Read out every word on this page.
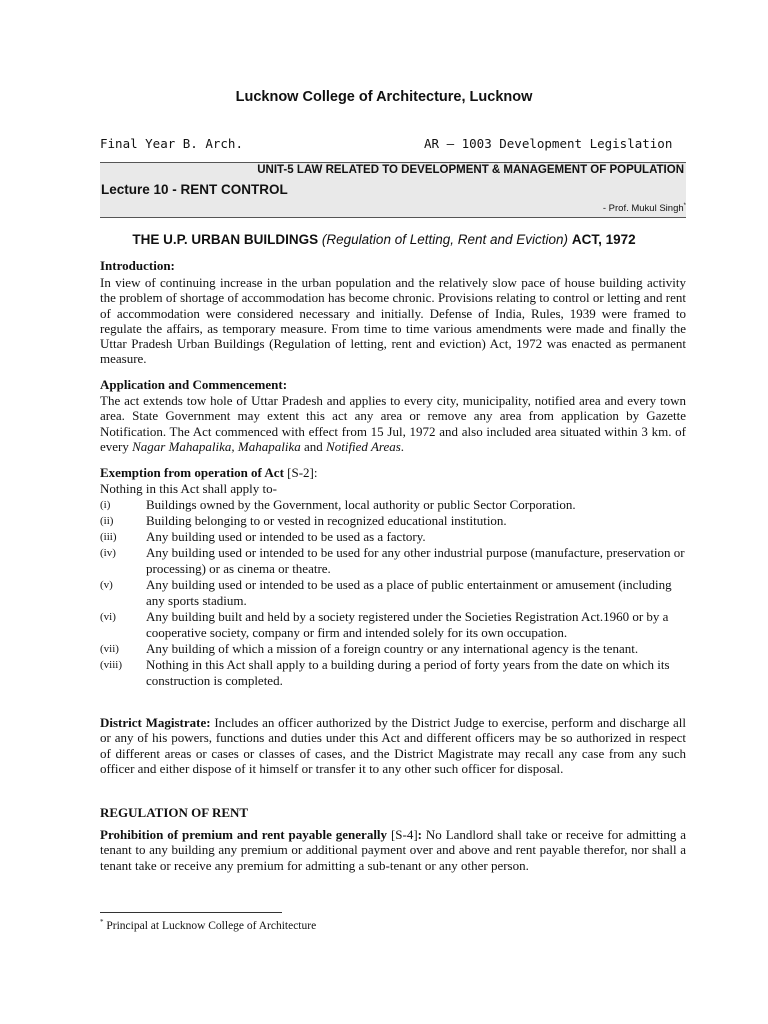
Lucknow College of Architecture, Lucknow
Final Year B. Arch.	AR — 1003 Development Legislation
UNIT-5 LAW RELATED TO DEVELOPMENT & MANAGEMENT OF POPULATION
Lecture 10 - RENT CONTROL
- Prof. Mukul Singh*
THE U.P. URBAN BUILDINGS (Regulation of Letting, Rent and Eviction) ACT, 1972
Introduction:
In view of continuing increase in the urban population and the relatively slow pace of house building activity the problem of shortage of accommodation has become chronic. Provisions relating to control or letting and rent of accommodation were considered necessary and initially. Defense of India, Rules, 1939 were framed to regulate the affairs, as temporary measure. From time to time various amendments were made and finally the Uttar Pradesh Urban Buildings (Regulation of letting, rent and eviction) Act, 1972 was enacted as permanent measure.
Application and Commencement:
The act extends tow hole of Uttar Pradesh and applies to every city, municipality, notified area and every town area. State Government may extent this act any area or remove any area from application by Gazette Notification. The Act commenced with effect from 15 Jul, 1972 and also included area situated within 3 km. of every Nagar Mahapalika, Mahapalika and Notified Areas.
Exemption from operation of Act [S-2]:
Nothing in this Act shall apply to-
(i)	Buildings owned by the Government, local authority or public Sector Corporation.
(ii)	Building belonging to or vested in recognized educational institution.
(iii) Any building used or intended to be used as a factory.
(iv) Any building used or intended to be used for any other industrial purpose (manufacture, preservation or processing) or as cinema or theatre.
(v)	Any building used or intended to be used as a place of public entertainment or amusement (including any sports stadium.
(vi) Any building built and held by a society registered under the Societies Registration Act.1960 or by a cooperative society, company or firm and intended solely for its own occupation.
(vii) Any building of which a mission of a foreign country or any international agency is the tenant.
(viii) Nothing in this Act shall apply to a building during a period of forty years from the date on which its construction is completed.
District Magistrate: Includes an officer authorized by the District Judge to exercise, perform and discharge all or any of his powers, functions and duties under this Act and different officers may be so authorized in respect of different areas or cases or classes of cases, and the District Magistrate may recall any case from any such officer and either dispose of it himself or transfer it to any other such officer for disposal.
REGULATION OF RENT
Prohibition of premium and rent payable generally [S-4]: No Landlord shall take or receive for admitting a tenant to any building any premium or additional payment over and above and rent payable therefor, nor shall a tenant take or receive any premium for admitting a sub-tenant or any other person.
* Principal at Lucknow College of Architecture
